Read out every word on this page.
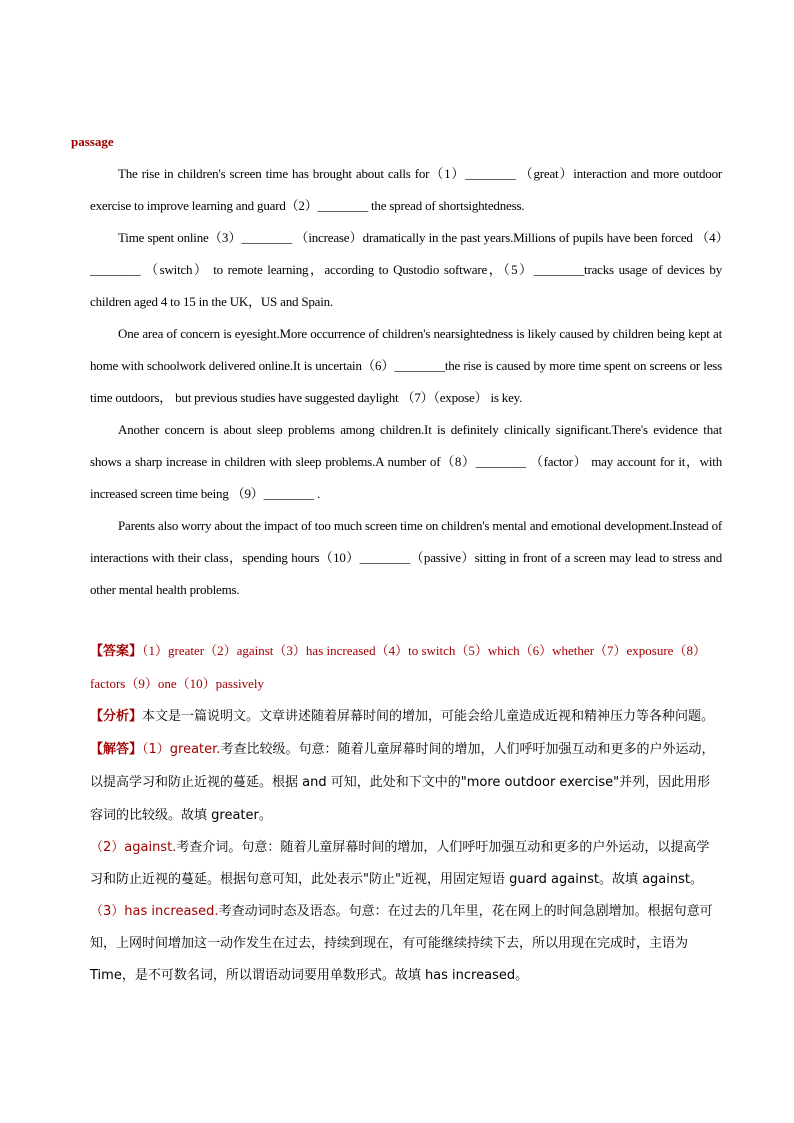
passage

The rise in children's screen time has brought about calls for（1）________ （great）interaction and more outdoor exercise to improve learning and guard（2）________ the spread of shortsightedness.

Time spent online（3）________ （increase）dramatically in the past years.Millions of pupils have been forced （4）________ （switch） to remote learning，according to Qustodio software，（5）________tracks usage of devices by children aged 4 to 15 in the UK，US and Spain.

One area of concern is eyesight.More occurrence of children's nearsightedness is likely caused by children being kept at home with schoolwork delivered online.It is uncertain（6）________the rise is caused by more time spent on screens or less time outdoors， but previous studies have suggested daylight （7）（expose） is key.

Another concern is about sleep problems among children.It is definitely clinically significant.There's evidence that shows a sharp increase in children with sleep problems.A number of（8）________ （factor） may account for it，with increased screen time being （9）________ .

Parents also worry about the impact of too much screen time on children's mental and emotional development.Instead of interactions with their class，spending hours（10）________（passive）sitting in front of a screen may lead to stress and other mental health problems.

【答案】（1）greater（2）against（3）has increased（4）to switch（5）which（6）whether（7）exposure（8）factors（9）one（10）passively

【分析】本文是一篇说明文。文章讲述随着屏幕时间的增加，可能会给儿童造成近视和精神压力等各种问题。

【解答】（1）greater.考查比较级。句意：随着儿童屏幕时间的增加，人们呼吁加强互动和更多的户外运动，以提高学习和防止近视的蔓延。根据 and 可知，此处和下文中的"more outdoor exercise"并列，因此用形容词的比较级。故填 greater。

（2）against.考查介词。句意：随着儿童屏幕时间的增加，人们呼吁加强互动和更多的户外运动，以提高学习和防止近视的蔓延。根据句意可知，此处表示"防止"近视，用固定短语 guard against。故填 against。

（3）has increased.考查动词时态及语态。句意：在过去的几年里，花在网上的时间急剧增加。根据句意可知，上网时间增加这一动作发生在过去，持续到现在，有可能继续持续下去，所以用现在完成时，主语为 Time，是不可数名词，所以谓语动词要用单数形式。故填 has increased。
